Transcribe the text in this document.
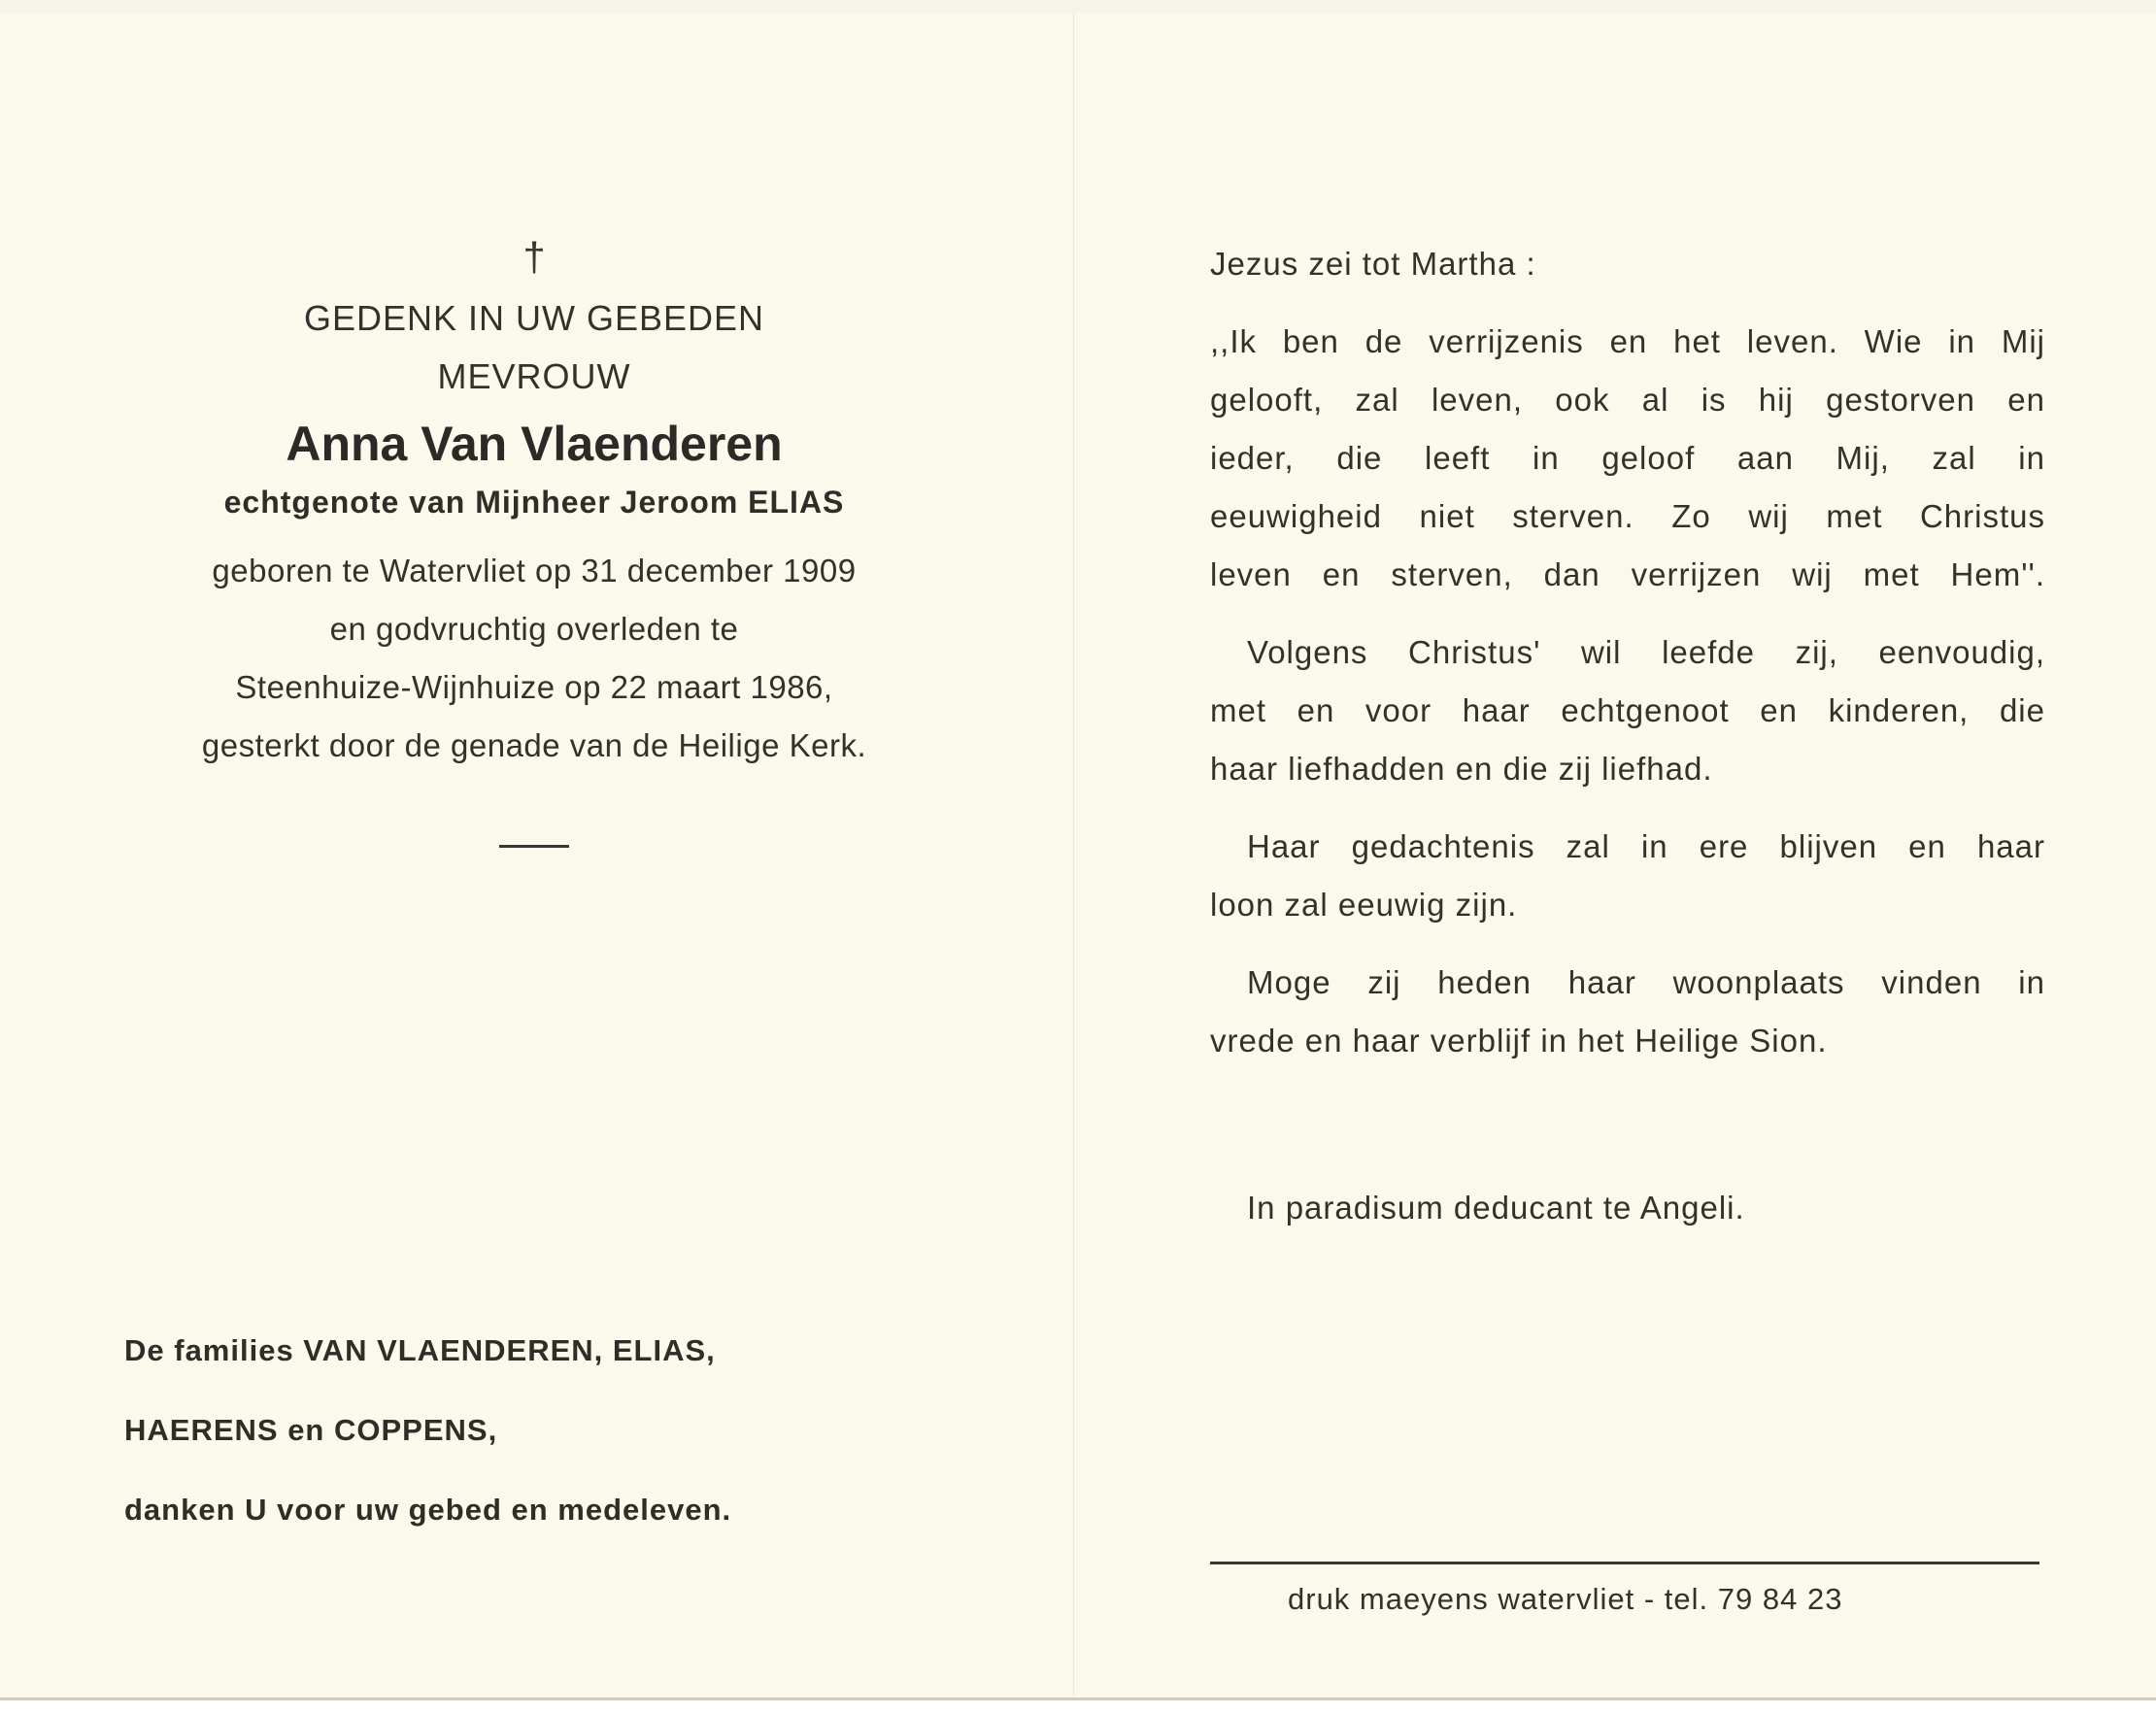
†
GEDENK IN UW GEBEDEN
MEVROUW
Anna Van Vlaenderen
echtgenote van Mijnheer Jeroom ELIAS
geboren te Watervliet op 31 december 1909
en godvruchtig overleden te
Steenhuize-Wijnhuize op 22 maart 1986,
gesterkt door de genade van de Heilige Kerk.
De families VAN VLAENDEREN, ELIAS,
HAERENS en COPPENS,
danken U voor uw gebed en medeleven.
Jezus zei tot Martha :
,,Ik ben de verrijzenis en het leven. Wie in Mij
gelooft, zal leven, ook al is hij gestorven en
ieder, die leeft in geloof aan Mij, zal in
eeuwigheid niet sterven. Zo wij met Christus
leven en sterven, dan verrijzen wij met Hem''.
Volgens Christus' wil leefde zij, eenvoudig,
met en voor haar echtgenoot en kinderen, die
haar liefhadden en die zij liefhad.
Haar gedachtenis zal in ere blijven en haar
loon zal eeuwig zijn.
Moge zij heden haar woonplaats vinden in
vrede en haar verblijf in het Heilige Sion.
In paradisum deducant te Angeli.
druk maeyens watervliet - tel. 79 84 23
